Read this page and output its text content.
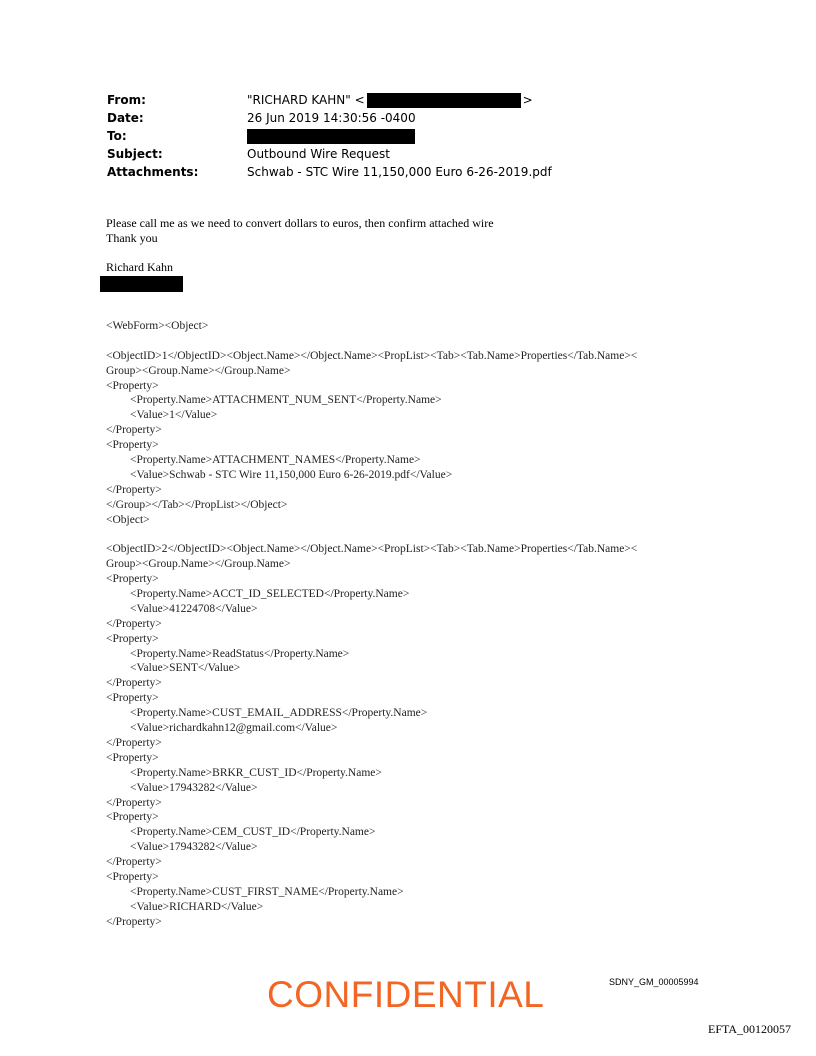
From:	"RICHARD KAHN" <	>
Date:	26 Jun 2019 14:30:56 -0400
To:
Subject:	Outbound Wire Request
Attachments:	Schwab - STC Wire 11,150,000 Euro 6-26-2019.pdf
Please call me as we need to convert dollars to euros, then confirm attached wire
Thank you
Richard Kahn
<WebForm><Object>
<ObjectID>1</ObjectID><Object.Name></Object.Name><PropList><Tab><Tab.Name>Properties</Tab.Name><
Group><Group.Name></Group.Name>
<Property>
<Property.Name>ATTACHMENT_NUM_SENT</Property.Name>
<Value>1</Value>
</Property>
<Property>
<Property.Name>ATTACHMENT_NAMES</Property.Name>
<Value>Schwab - STC Wire 11,150,000 Euro 6-26-2019.pdf</Value>
</Property>
</Group></Tab></PropList></Object>
<Object>
<ObjectID>2</ObjectID><Object.Name></Object.Name><PropList><Tab><Tab.Name>Properties</Tab.Name><
Group><Group.Name></Group.Name>
<Property>
<Property.Name>ACCT_ID_SELECTED</Property.Name>
<Value>41224708</Value>
</Property>
<Property>
<Property.Name>ReadStatus</Property.Name>
<Value>SENT</Value>
</Property>
<Property>
<Property.Name>CUST_EMAIL_ADDRESS</Property.Name>
<Value>richardkahn12@gmail.com</Value>
</Property>
<Property>
<Property.Name>BRKR_CUST_ID</Property.Name>
<Value>17943282</Value>
</Property>
<Property>
<Property.Name>CEM_CUST_ID</Property.Name>
<Value>17943282</Value>
</Property>
<Property>
<Property.Name>CUST_FIRST_NAME</Property.Name>
<Value>RICHARD</Value>
</Property>
CONFIDENTIAL	SDNY_GM_00005994
EFTA_00120057
